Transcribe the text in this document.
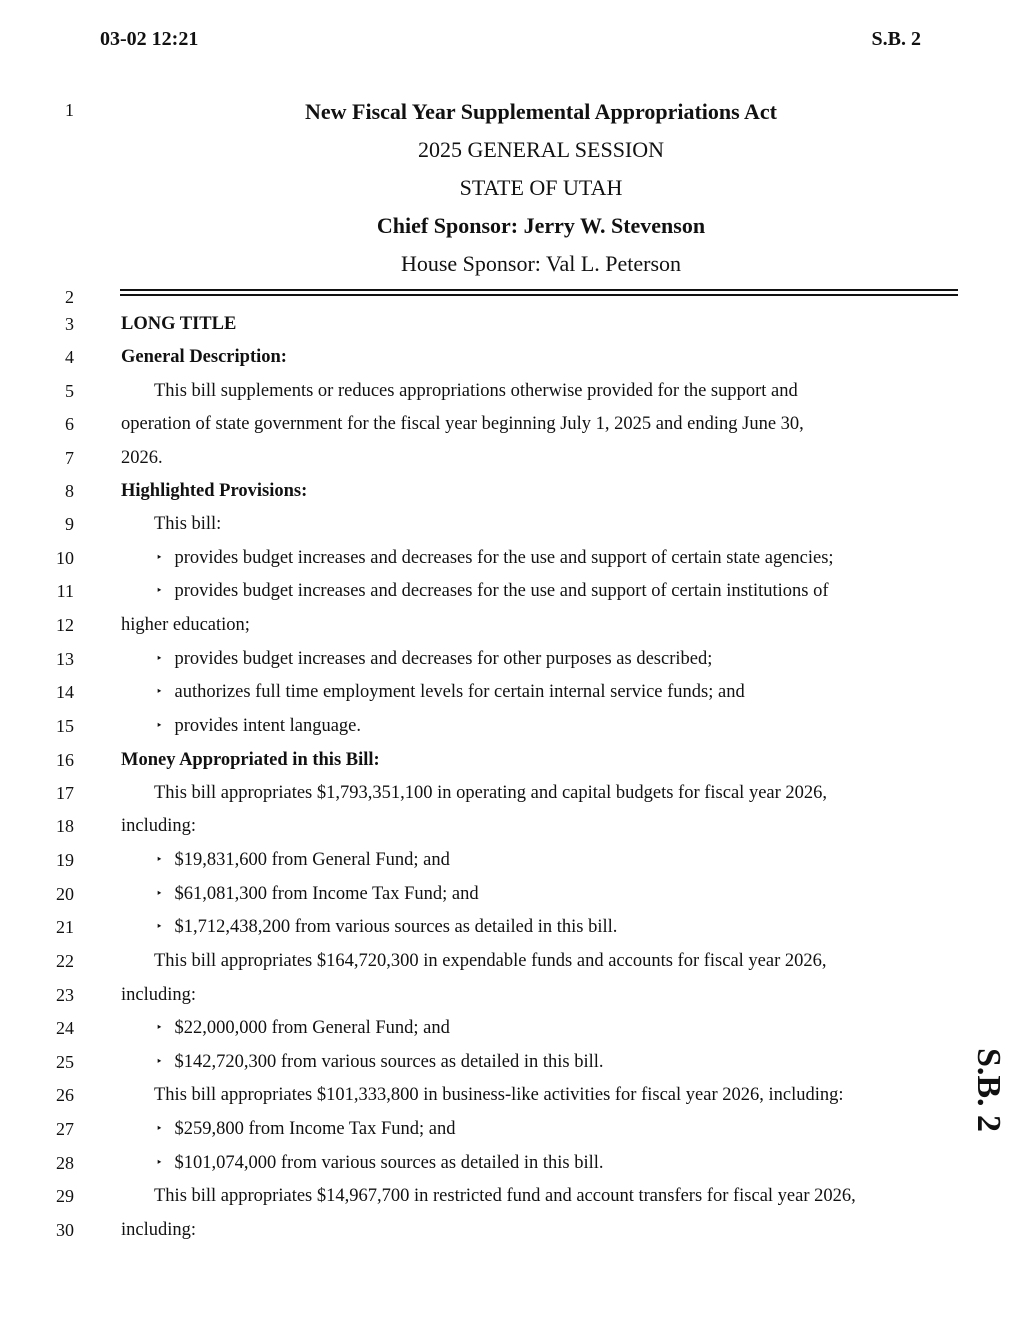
03-02 12:21	S.B. 2
1
2
3
4
5
6
7
8
9
10
11
12
13
14
15
16
17
18
19
20
21
22
23
24
25
26
27
28
29
30
New Fiscal Year Supplemental Appropriations Act
2025 GENERAL SESSION
STATE OF UTAH
Chief Sponsor: Jerry W. Stevenson
House Sponsor: Val L. Peterson
LONG TITLE
General Description:
This bill supplements or reduces appropriations otherwise provided for the support and
operation of state government for the fiscal year beginning July 1, 2025 and ending June 30,
2026.
Highlighted Provisions:
This bill:
‣ provides budget increases and decreases for the use and support of certain state agencies;
‣ provides budget increases and decreases for the use and support of certain institutions of
higher education;
‣ provides budget increases and decreases for other purposes as described;
‣ authorizes full time employment levels for certain internal service funds; and
‣ provides intent language.
Money Appropriated in this Bill:
This bill appropriates $1,793,351,100 in operating and capital budgets for fiscal year 2026,
including:
‣ $19,831,600 from General Fund; and
‣ $61,081,300 from Income Tax Fund; and
‣ $1,712,438,200 from various sources as detailed in this bill.
This bill appropriates $164,720,300 in expendable funds and accounts for fiscal year 2026,
including:
‣ $22,000,000 from General Fund; and
‣ $142,720,300 from various sources as detailed in this bill.
This bill appropriates $101,333,800 in business-like activities for fiscal year 2026, including:
‣ $259,800 from Income Tax Fund; and
‣ $101,074,000 from various sources as detailed in this bill.
This bill appropriates $14,967,700 in restricted fund and account transfers for fiscal year 2026,
including:
S.B. 2
